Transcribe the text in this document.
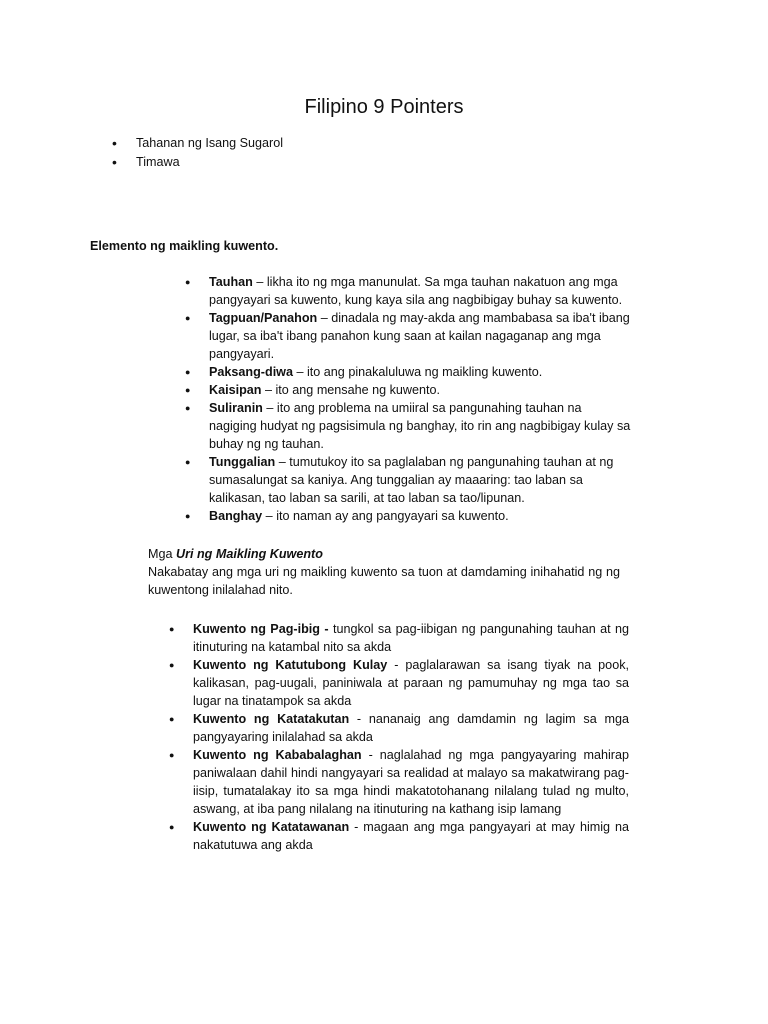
Filipino 9 Pointers
• Tahanan ng Isang Sugarol
• Timawa
Elemento ng maikling kuwento.
● Tauhan – likha ito ng mga manunulat. Sa mga tauhan nakatuon ang mga pangyayari sa kuwento, kung kaya sila ang nagbibigay buhay sa kuwento.
● Tagpuan/Panahon – dinadala ng may-akda ang mambabasa sa iba't ibang lugar, sa iba't ibang panahon kung saan at kailan nagaganap ang mga pangyayari.
● Paksang-diwa – ito ang pinakaluluwa ng maikling kuwento.
● Kaisipan – ito ang mensahe ng kuwento.
● Suliranin – ito ang problema na umiiral sa pangunahing tauhan na nagiging hudyat ng pagsisimula ng banghay, ito rin ang nagbibigay kulay sa buhay ng ng tauhan.
● Tunggalian – tumutukoy ito sa paglalaban ng pangunahing tauhan at ng sumasalungat sa kaniya. Ang tunggalian ay maaaring: tao laban sa kalikasan, tao laban sa sarili, at tao laban sa tao/lipunan.
● Banghay – ito naman ay ang pangyayari sa kuwento.
Mga Uri ng Maikling Kuwento
Nakabatay ang mga uri ng maikling kuwento sa tuon at damdaming inihahatid ng ng kuwentong inilalahad nito.
● Kuwento ng Pag-ibig - tungkol sa pag-iibigan ng pangunahing tauhan at ng itinuturing na katambal nito sa akda
● Kuwento ng Katutubong Kulay - paglalarawan sa isang tiyak na pook, kalikasan, pag-uugali, paniniwala at paraan ng pamumuhay ng mga tao sa lugar na tinatampok sa akda
● Kuwento ng Katatakutan - nananaig ang damdamin ng lagim sa mga pangyayaring inilalahad sa akda
● Kuwento ng Kababalaghan - naglalahad ng mga pangyayaring mahirap paniwalaan dahil hindi nangyayari sa realidad at malayo sa makatwirang pag-iisip, tumatalakay ito sa mga hindi makatotohanang nilalang tulad ng multo, aswang, at iba pang nilalang na itinuturing na kathang isip lamang
● Kuwento ng Katatawanan - magaan ang mga pangyayari at may himig na nakatutuwa ang akda
